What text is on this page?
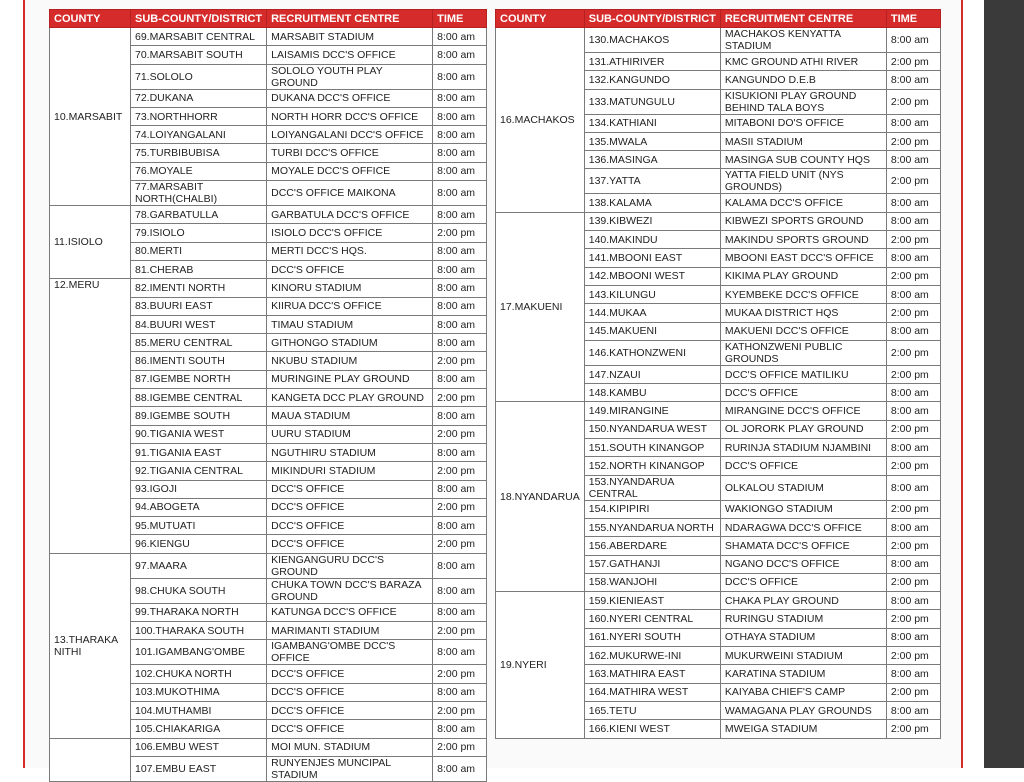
COUNTY	SUB-COUNTY/DISTRICT	RECRUITMENT CENTRE	TIME
10.MARSABIT	69.MARSABIT CENTRAL	MARSABIT STADIUM	8:00 am
	70.MARSABIT SOUTH	LAISAMIS DCC'S OFFICE	8:00 am
	71.SOLOLO	SOLOLO YOUTH PLAY GROUND	8:00 am
	72.DUKANA	DUKANA DCC'S OFFICE	8:00 am
	73.NORTHHORR	NORTH HORR DCC'S OFFICE	8:00 am
	74.LOIYANGALANI	LOIYANGALANI DCC'S OFFICE	8:00 am
	75.TURBIBUBISA	TURBI DCC'S OFFICE	8:00 am
	76.MOYALE	MOYALE DCC'S OFFICE	8:00 am
	77.MARSABIT NORTH(CHALBI)	DCC'S OFFICE MAIKONA	8:00 am
11.ISIOLO	78.GARBATULLA	GARBATULA DCC'S OFFICE	8:00 am
	79.ISIOLO	ISIOLO DCC'S OFFICE	2:00 pm
	80.MERTI	MERTI DCC'S HQS.	8:00 am
	81.CHERAB	DCC'S OFFICE	8:00 am
12.MERU	82.IMENTI NORTH	KINORU STADIUM	8:00 am
	83.BUURI EAST	KIIRUA DCC'S OFFICE	8:00 am
	84.BUURI WEST	TIMAU STADIUM	8:00 am
	85.MERU CENTRAL	GITHONGO STADIUM	8:00 am
	86.IMENTI SOUTH	NKUBU STADIUM	2:00 pm
	87.IGEMBE NORTH	MURINGINE PLAY GROUND	8:00 am
	88.IGEMBE CENTRAL	KANGETA DCC PLAY GROUND	2:00 pm
	89.IGEMBE SOUTH	MAUA STADIUM	8:00 am
	90.TIGANIA WEST	UURU STADIUM	2:00 pm
	91.TIGANIA EAST	NGUTHIRU STADIUM	8:00 am
	92.TIGANIA CENTRAL	MIKINDURI STADIUM	2:00 pm
	93.IGOJI	DCC'S OFFICE	8:00 am
	94.ABOGETA	DCC'S OFFICE	2:00 pm
	95.MUTUATI	DCC'S OFFICE	8:00 am
	96.KIENGU	DCC'S OFFICE	2:00 pm
13.THARAKA NITHI	97.MAARA	KIENGANGURU DCC'S GROUND	8:00 am
	98.CHUKA SOUTH	CHUKA TOWN DCC'S BARAZA GROUND	8:00 am
	99.THARAKA NORTH	KATUNGA DCC'S OFFICE	8:00 am
	100.THARAKA SOUTH	MARIMANTI STADIUM	2:00 pm
	101.IGAMBANG'OMBE	IGAMBANG'OMBE DCC'S OFFICE	8:00 am
	102.CHUKA NORTH	DCC'S OFFICE	2:00 pm
	103.MUKOTHIMA	DCC'S OFFICE	8:00 am
	104.MUTHAMBI	DCC'S OFFICE	2:00 pm
	105.CHIAKARIGA	DCC'S OFFICE	8:00 am
	106.EMBU WEST	MOI MUN. STADIUM	2:00 pm
	107.EMBU EAST	RUNYENJES MUNCIPAL STADIUM	8:00 am
COUNTY	SUB-COUNTY/DISTRICT	RECRUITMENT CENTRE	TIME
16.MACHAKOS	130.MACHAKOS	MACHAKOS KENYATTA STADIUM	8:00 am
	131.ATHIRIVER	KMC GROUND ATHI RIVER	2:00 pm
	132.KANGUNDO	KANGUNDO D.E.B	8:00 am
	133.MATUNGULU	KISUKIONI PLAY GROUND BEHIND TALA BOYS	2:00 pm
	134.KATHIANI	MITABONI DO'S OFFICE	8:00 am
	135.MWALA	MASII STADIUM	2:00 pm
	136.MASINGA	MASINGA SUB COUNTY HQS	8:00 am
	137.YATTA	YATTA FIELD UNIT (NYS GROUNDS)	2:00 pm
	138.KALAMA	KALAMA DCC'S OFFICE	8:00 am
17.MAKUENI	139.KIBWEZI	KIBWEZI SPORTS GROUND	8:00 am
	140.MAKINDU	MAKINDU SPORTS GROUND	2:00 pm
	141.MBOONI EAST	MBOONI EAST DCC'S OFFICE	8:00 am
	142.MBOONI WEST	KIKIMA PLAY GROUND	2:00 pm
	143.KILUNGU	KYEMBEKE DCC'S OFFICE	8:00 am
	144.MUKAA	MUKAA DISTRICT HQS	2:00 pm
	145.MAKUENI	MAKUENI DCC'S OFFICE	8:00 am
	146.KATHONZWENI	KATHONZWENI PUBLIC GROUNDS	2:00 pm
	147.NZAUI	DCC'S OFFICE MATILIKU	2:00 pm
	148.KAMBU	DCC'S OFFICE	8:00 am
18.NYANDARUA	149.MIRANGINE	MIRANGINE DCC'S OFFICE	8:00 am
	150.NYANDARUA WEST	OL JORORK PLAY GROUND	2:00 pm
	151.SOUTH KINANGOP	RURINJA STADIUM NJAMBINI	8:00 am
	152.NORTH KINANGOP	DCC'S OFFICE	2:00 pm
	153.NYANDARUA CENTRAL	OLKALOU STADIUM	8:00 am
	154.KIPIPIRI	WAKIONGO STADIUM	2:00 pm
	155.NYANDARUA NORTH	NDARAGWA DCC'S OFFICE	8:00 am
	156.ABERDARE	SHAMATA DCC'S OFFICE	2:00 pm
	157.GATHANJI	NGANO DCC'S OFFICE	8:00 am
	158.WANJOHI	DCC'S OFFICE	2:00 pm
19.NYERI	159.KIENIEAST	CHAKA PLAY GROUND	8:00 am
	160.NYERI CENTRAL	RURINGU STADIUM	2:00 pm
	161.NYERI SOUTH	OTHAYA STADIUM	8:00 am
	162.MUKURWE-INI	MUKURWEINI STADIUM	2:00 pm
	163.MATHIRA EAST	KARATINA STADIUM	8:00 am
	164.MATHIRA WEST	KAIYABA CHIEF'S CAMP	2:00 pm
	165.TETU	WAMAGANA PLAY GROUNDS	8:00 am
	166.KIENI WEST	MWEIGA STADIUM	2:00 pm
